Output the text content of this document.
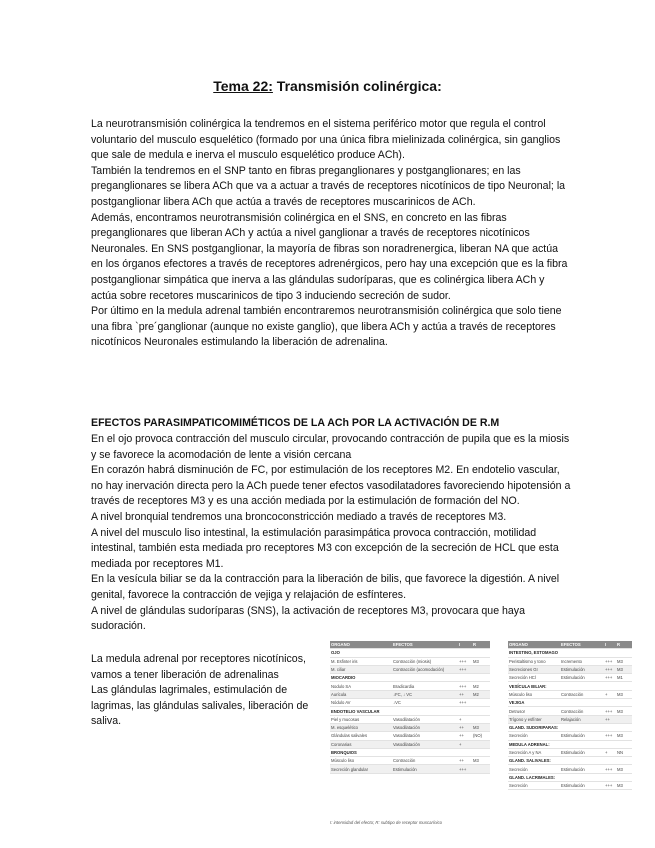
Tema 22: Transmisión colinérgica:

La neurotransmisión colinérgica la tendremos en el sistema periférico motor que regula el control voluntario del musculo esquelético (formado por una única fibra mielinizada colinérgica, sin ganglios que sale de medula e inerva el musculo esquelético produce ACh).

También la tendremos en el SNP tanto en fibras preganglionares y postganglionares; en las preganglionares se libera ACh que va a actuar a través de receptores nicotínicos de tipo Neuronal; la postganglionar libera ACh que actúa a través de receptores muscarinicos de ACh.

Además, encontramos neurotransmisión colinérgica en el SNS, en concreto en las fibras preganglionares que liberan ACh y actúa a nivel ganglionar a través de receptores nicotínicos Neuronales. En SNS postganglionar, la mayoría de fibras son noradrenergica, liberan NA que actúa en los órganos efectores a través de receptores adrenérgicos, pero hay una excepción que es la fibra postganglionar simpática que inerva a las glándulas sudoríparas, que es colinérgica libera ACh y actúa sobre recetores muscarinicos de tipo 3 induciendo secreción de sudor.

Por último en la medula adrenal también encontraremos neurotransmisión colinérgica que solo tiene una fibra `pre´ganglionar (aunque no existe ganglio), que libera ACh y actúa a través de receptores nicotínicos Neuronales estimulando la liberación de adrenalina.

EFECTOS PARASIMPATICOMIMÉTICOS DE LA ACh POR LA ACTIVACIÓN DE R.M

En el ojo provoca contracción del musculo circular, provocando contracción de pupila que es la miosis y se favorece la acomodación de lente a visión cercana

En corazón habrá disminución de FC, por estimulación de los receptores M2. En endotelio vascular, no hay inervación directa pero la ACh puede tener efectos vasodilatadores favoreciendo hipotensión a través de receptores M3 y es una acción mediada por la estimulación de formación del NO.

A nivel bronquial tendremos una broncoconstricción mediado a través de receptores M3.

A nivel del musculo liso intestinal, la estimulación parasimpática provoca contracción, motilidad intestinal, también esta mediada pro receptores M3 con excepción de la secreción de HCL que esta mediada por receptores M1.

En la vesícula biliar se da la contracción para la liberación de bilis, que favorece la digestión. A nivel genital, favorece la contracción de vejiga y relajación de esfínteres.

A nivel de glándulas sudoríparas (SNS), la activación de receptores M3, provocara que haya sudoración.

La medula adrenal por receptores nicotínicos, vamos a tener liberación de adrenalinas

Las glándulas lagrimales, estimulación de lagrimas, las glándulas salivales, liberación de saliva.

ORGANO	EFECTOS	I	R
OJO			
M. Esfinter iris	Contracción (miosis)	+++	M3
M. ciliar	Contracción (acomodación)	+++	
MIOCARDIO			
Nodulo SA	Bradicardia	+++	M2
Aurícula	↓FC, ↓ VC	++	M2
Nódulo AV	↓VC	+++	
ENDOTELIO VASCULAR			
Piel y mucosas	Vasodilatación	+	
M. esquelético	Vasodilatación	++	M3
Glándulas salivales	Vasodilatación	++	(NO)
Coronarias	Vasodilatación	+	
BRONQUIOS			
Músculo liso	Contracción	++	M3
Secreción glandular	Estimulación	+++	
ORGANO	EFECTOS	I	R
INTESTINO, ESTOMAGO			
Peristaltismo y tono	Incremento	+++	M3
Secreciones GI	Estimulación	+++	M3
Secreción HCl	Estimulación	+++	M1
VESÍCULA BILIAR:			
Músculo liso	Contracción	+	M3
VEJIGA			
Detrusor	Contracción	+++	M3
Trígono y esfínter	Relajación	++	
GLAND. SUDORIPARAS:			
Secreción	Estimulación	+++	M3
MEDULA ADRENAL:			
Secreción A y NA	Estimulación	+	NN
GLAND. SALIVALES:			
Secreción	Estimulación	+++	M3
GLAND. LACRIMALES:			
Secreción	Estimulación	+++	M3
I: intensidad del efecto; R: subtipo de receptor muscarínico
